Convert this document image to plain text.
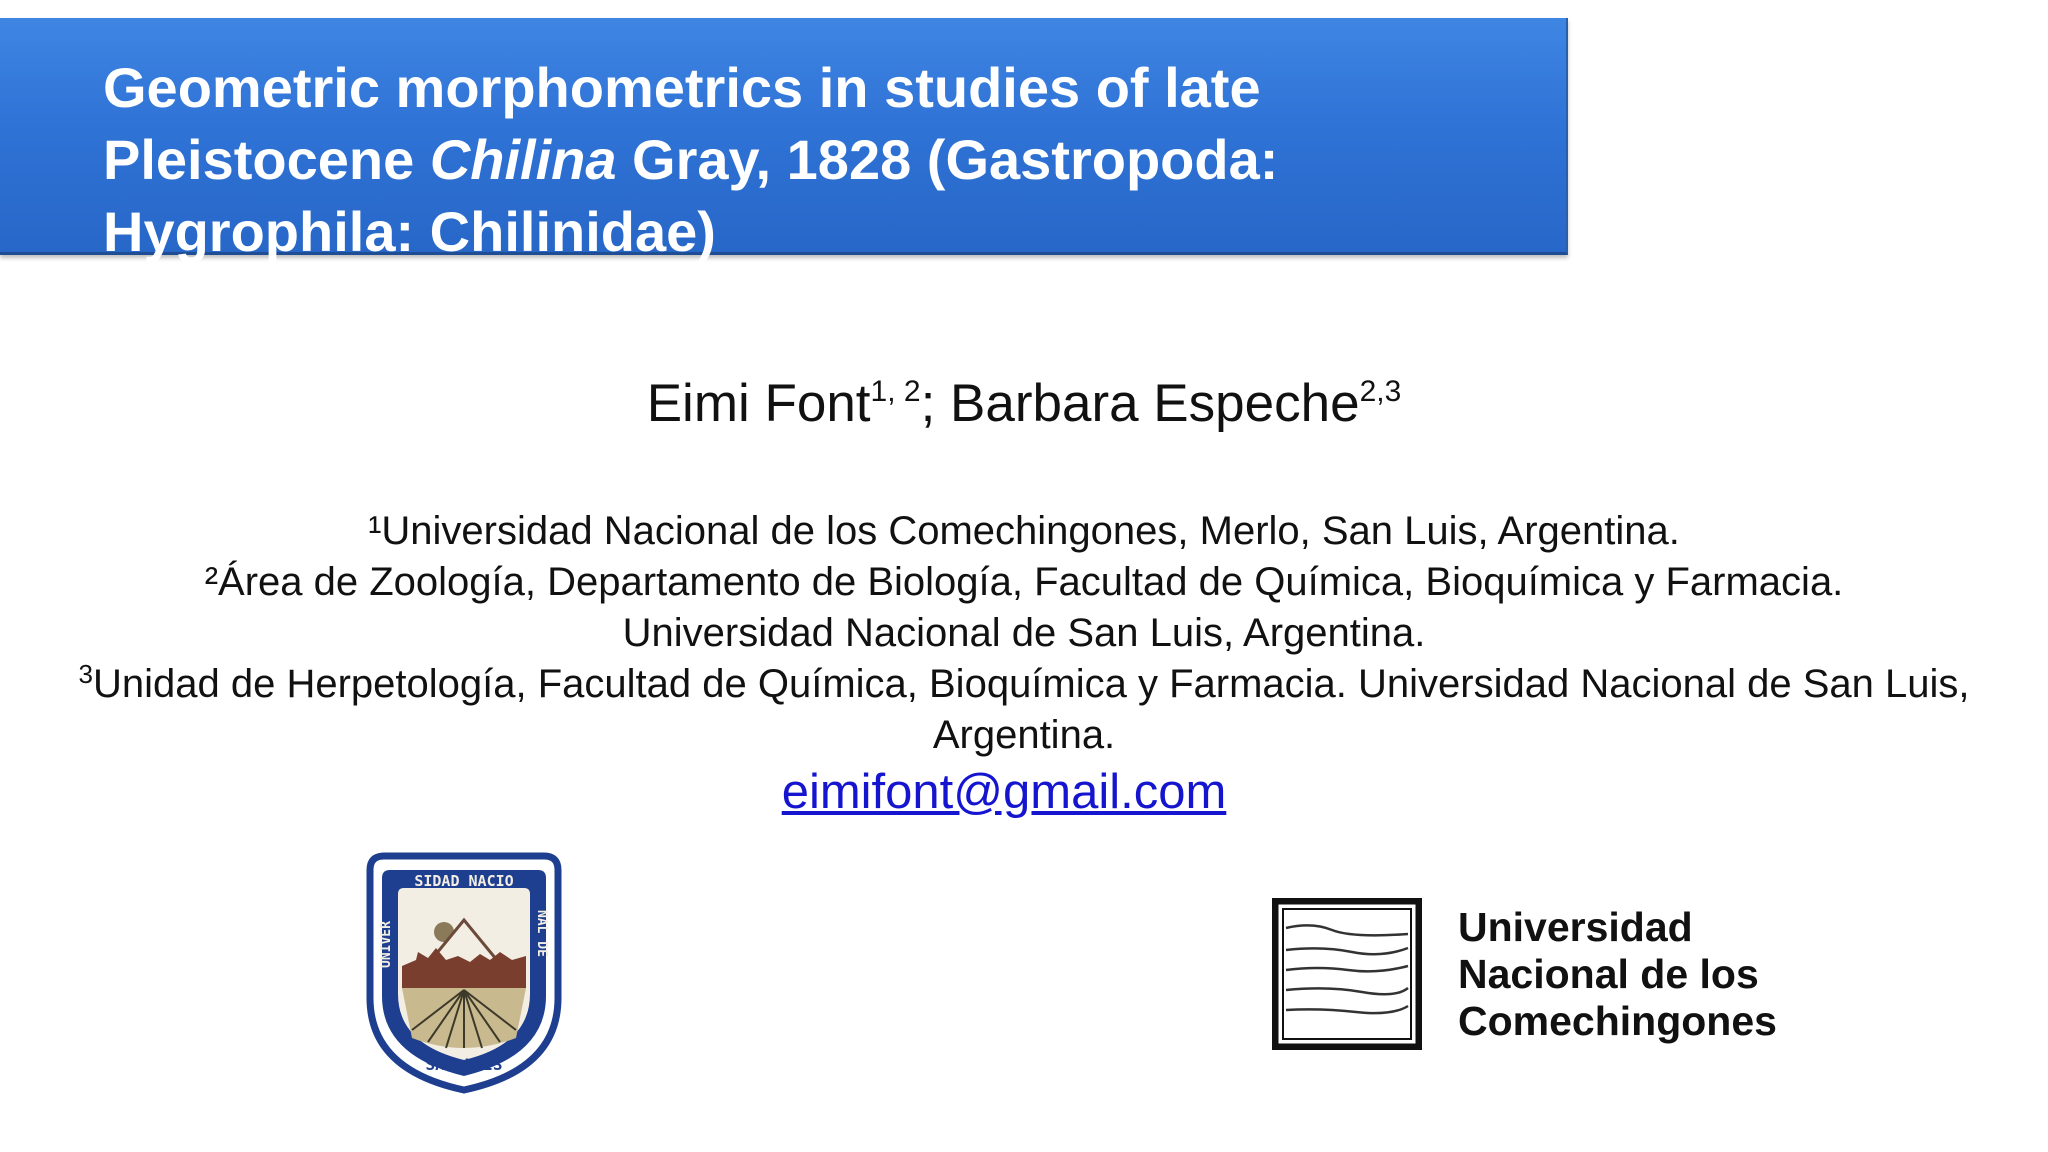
Geometric morphometrics in studies of late
Pleistocene Chilina Gray, 1828 (Gastropoda:
Hygrophila: Chilinidae)
Eimi Font$^{1, 2}$; Barbara Espeche$^{2,3}$
¹Universidad Nacional de los Comechingones, Merlo, San Luis, Argentina.
²Área de Zoología, Departamento de Biología, Facultad de Química, Bioquímica y Farmacia.
Universidad Nacional de San Luis, Argentina.
$^3$Unidad de Herpetología, Facultad de Química, Bioquímica y Farmacia. Universidad Nacional de San Luis, Argentina.
eimifont@gmail.com
SIDAD NACIO
UNIVER	NAL DE
SAN LUIS
Universidad
Nacional de los
Comechingones
